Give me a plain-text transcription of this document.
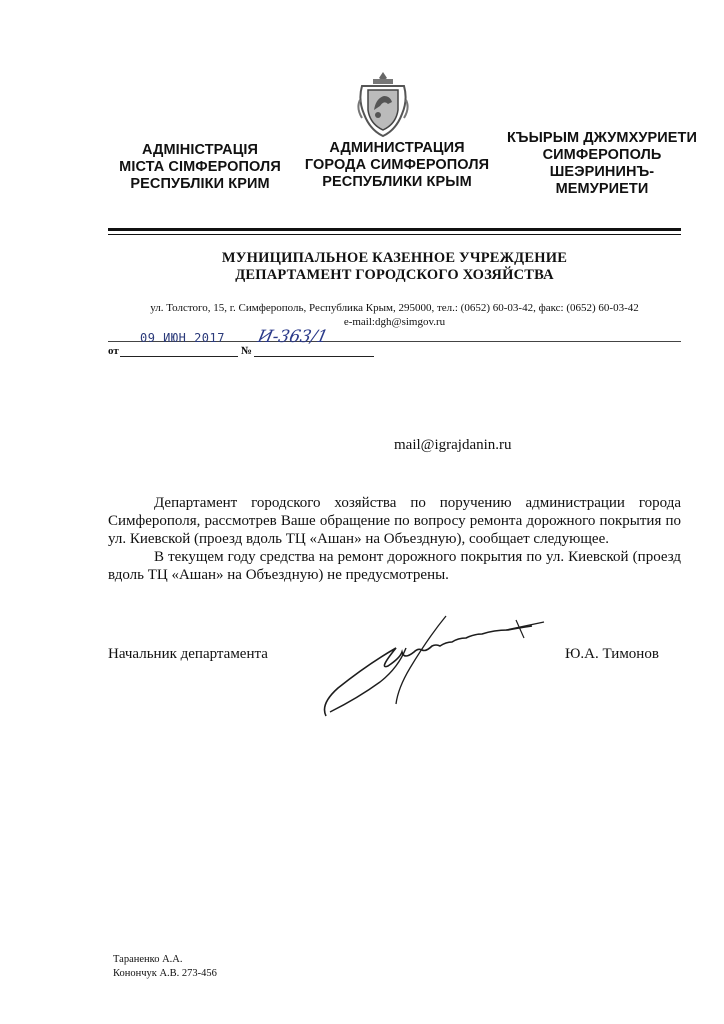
АДМІНІСТРАЦІЯ
МІСТА СІМФЕРОПОЛЯ
РЕСПУБЛІКИ КРИМ
АДМИНИСТРАЦИЯ
ГОРОДА СИМФЕРОПОЛЯ
РЕСПУБЛИКИ КРЫМ
КЪЫРЫМ ДЖУМХУРИЕТИ
СИМФЕРОПОЛЬ
ШЕЭРИНИНЪ-
МЕМУРИЕТИ
МУНИЦИПАЛЬНОЕ КАЗЕННОЕ УЧРЕЖДЕНИЕ
ДЕПАРТАМЕНТ ГОРОДСКОГО ХОЗЯЙСТВА
ул. Толстого, 15, г. Симферополь, Республика Крым, 295000, тел.: (0652) 60-03-42, факс: (0652) 60-03-42
e-mail:dgh@simgov.ru
от	№
09 ИЮН 2017 И-363/1
mail@igrajdanin.ru

Департамент городского хозяйства по поручению администрации города Симферополя, рассмотрев Ваше обращение по вопросу ремонта дорожного покрытия по ул. Киевской (проезд вдоль ТЦ «Ашан» на Объездную), сообщает следующее.

В текущем году средства на ремонт дорожного покрытия по ул. Киевской (проезд вдоль ТЦ «Ашан» на Объездную) не предусмотрены.

Начальник департамента	Ю.А. Тимонов
Тараненко А.А.
Конончук А.В. 273-456
